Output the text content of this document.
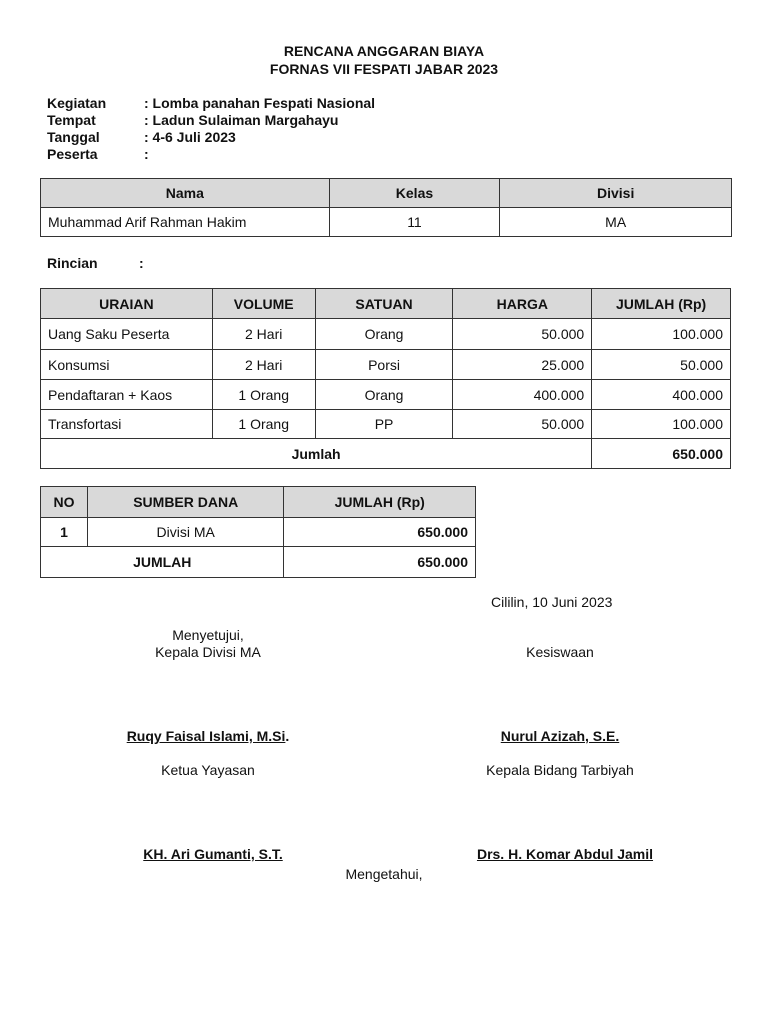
RENCANA ANGGARAN BIAYA
FORNAS VII FESPATI JABAR 2023
Kegiatan	: Lomba panahan Fespati Nasional
Tempat	: Ladun Sulaiman Margahayu
Tanggal	: 4-6 Juli 2023
Peserta	:
Nama	Kelas	Divisi
Muhammad Arif Rahman Hakim	11	MA
Rincian	:
URAIAN	VOLUME	SATUAN	HARGA	JUMLAH (Rp)
Uang Saku Peserta	2 Hari	Orang	50.000	100.000
Konsumsi	2 Hari	Porsi	25.000	50.000
Pendaftaran + Kaos	1 Orang	Orang	400.000	400.000
Transfortasi	1 Orang	PP	50.000	100.000
Jumlah				650.000
NO	SUMBER DANA	JUMLAH (Rp)
1	Divisi MA	650.000
JUMLAH		650.000
Cililin, 10 Juni 2023
Menyetujui,
Kepala Divisi MA	Kesiswaan
Ruqy Faisal Islami, M.Si.	Nurul Azizah, S.E.
Ketua Yayasan	Kepala Bidang Tarbiyah
KH. Ari Gumanti, S.T.	Drs. H. Komar Abdul Jamil
Mengetahui,
